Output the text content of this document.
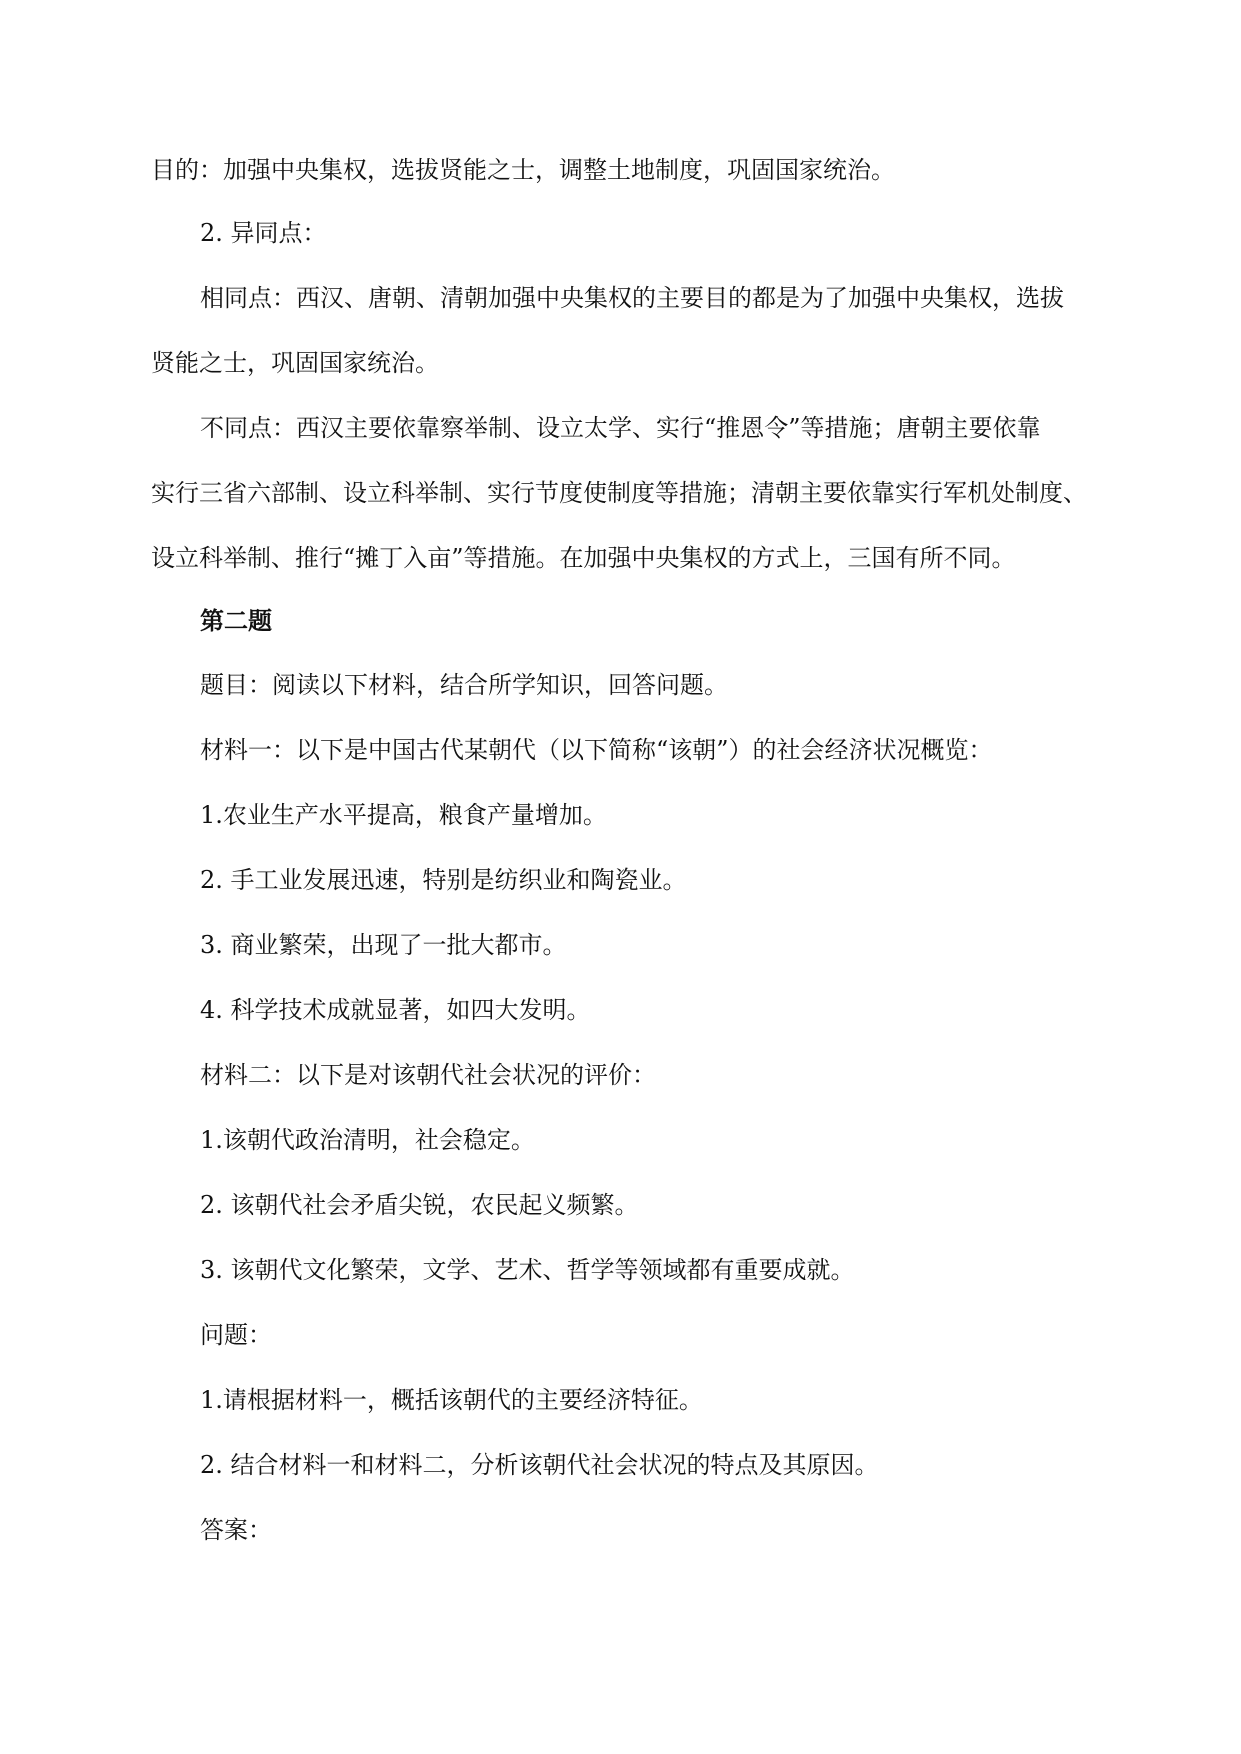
目的：加强中央集权，选拔贤能之士，调整土地制度，巩固国家统治。
2. 异同点：
相同点：西汉、唐朝、清朝加强中央集权的主要目的都是为了加强中央集权，选拔
贤能之士，巩固国家统治。
不同点：西汉主要依靠察举制、设立太学、实行“推恩令”等措施；唐朝主要依靠
实行三省六部制、设立科举制、实行节度使制度等措施；清朝主要依靠实行军机处制度、
设立科举制、推行“摊丁入亩”等措施。在加强中央集权的方式上，三国有所不同。
第二题
题目：阅读以下材料，结合所学知识，回答问题。
材料一：以下是中国古代某朝代（以下简称“该朝”）的社会经济状况概览：
1.农业生产水平提高，粮食产量增加。
2. 手工业发展迅速，特别是纺织业和陶瓷业。
3. 商业繁荣，出现了一批大都市。
4. 科学技术成就显著，如四大发明。
材料二：以下是对该朝代社会状况的评价：
1.该朝代政治清明，社会稳定。
2. 该朝代社会矛盾尖锐，农民起义频繁。
3. 该朝代文化繁荣，文学、艺术、哲学等领域都有重要成就。
问题：
1.请根据材料一，概括该朝代的主要经济特征。
2. 结合材料一和材料二，分析该朝代社会状况的特点及其原因。
答案：
